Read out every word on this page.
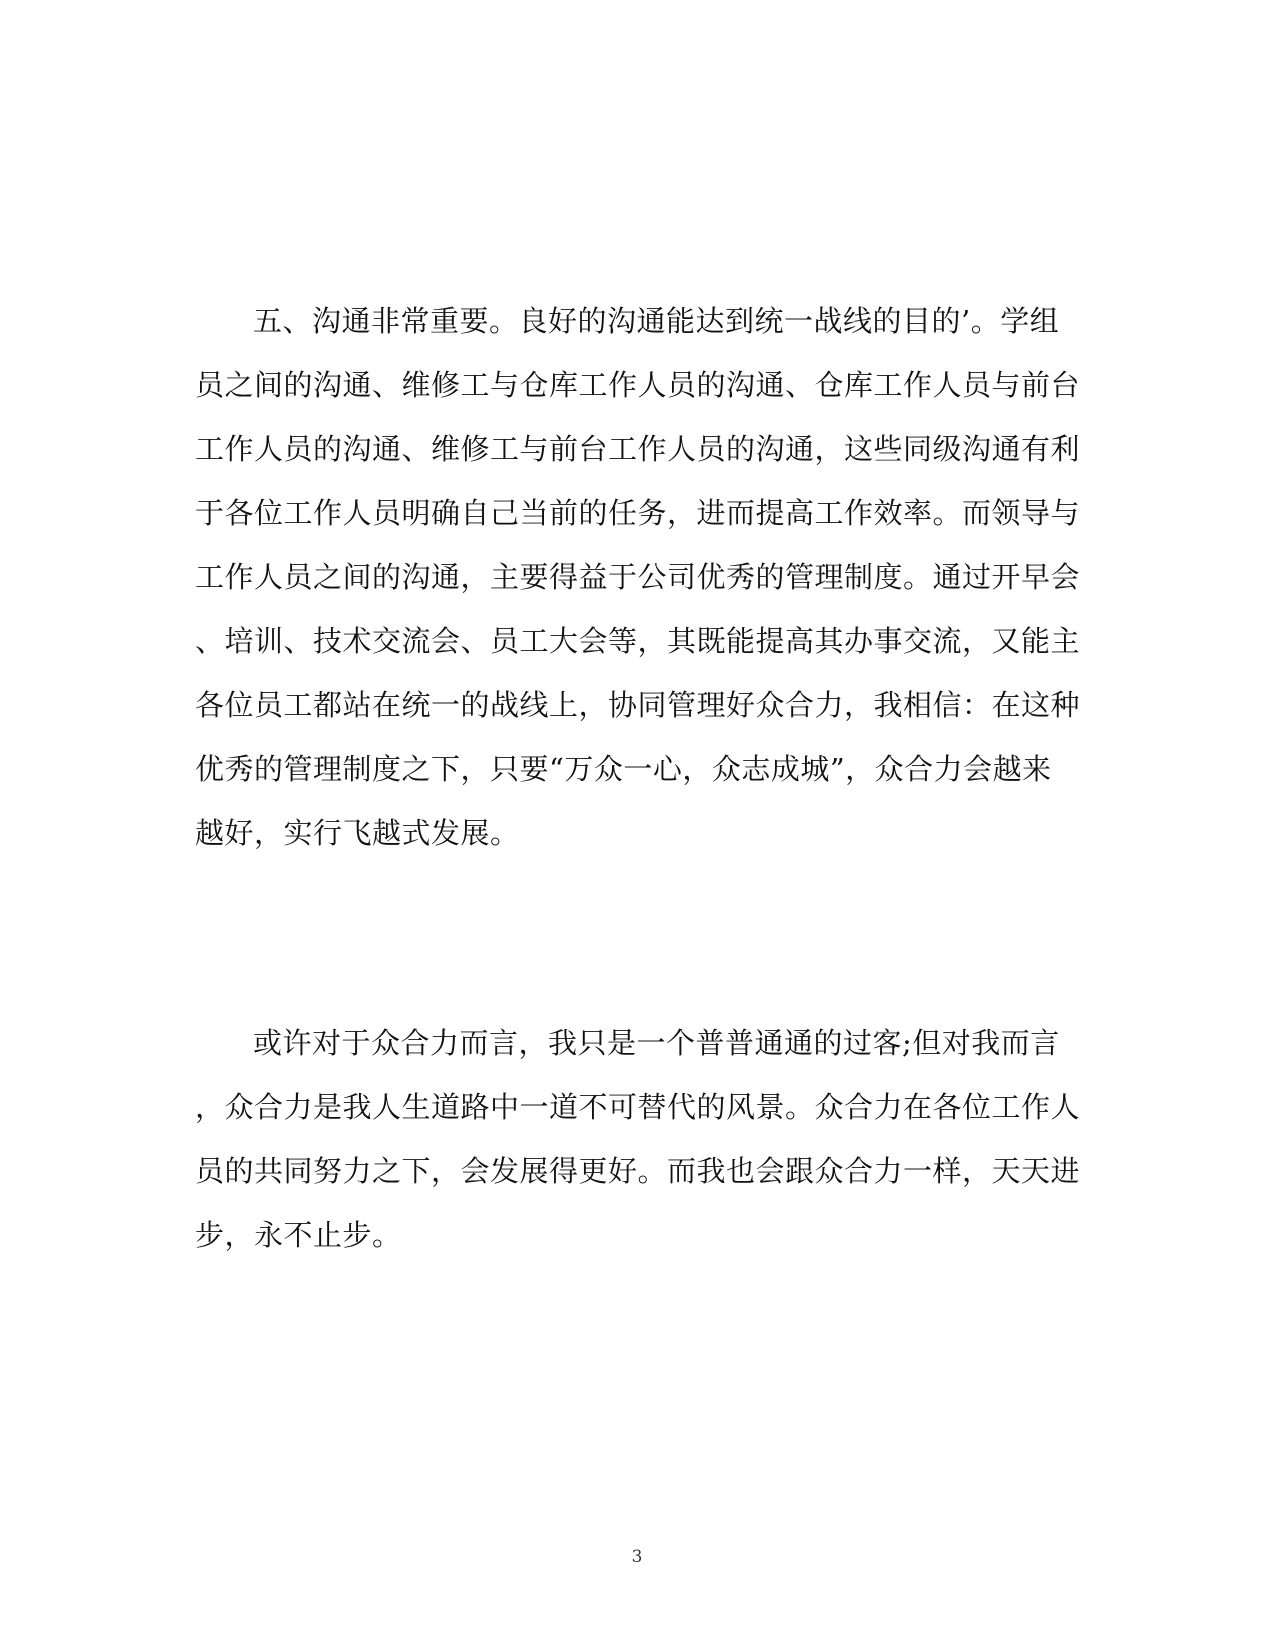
五、沟通非常重要。良好的沟通能达到统一战线的目的’。学组
员之间的沟通、维修工与仓库工作人员的沟通、仓库工作人员与前台
工作人员的沟通、维修工与前台工作人员的沟通，这些同级沟通有利
于各位工作人员明确自己当前的任务，进而提高工作效率。而领导与
工作人员之间的沟通，主要得益于公司优秀的管理制度。通过开早会
、培训、技术交流会、员工大会等，其既能提高其办事交流，又能主
各位员工都站在统一的战线上，协同管理好众合力，我相信：在这种
优秀的管理制度之下，只要“万众一心，众志成城”，众合力会越来
越好，实行飞越式发展。
或许对于众合力而言，我只是一个普普通通的过客;但对我而言
，众合力是我人生道路中一道不可替代的风景。众合力在各位工作人
员的共同努力之下，会发展得更好。而我也会跟众合力一样，天天进
步，永不止步。
3
